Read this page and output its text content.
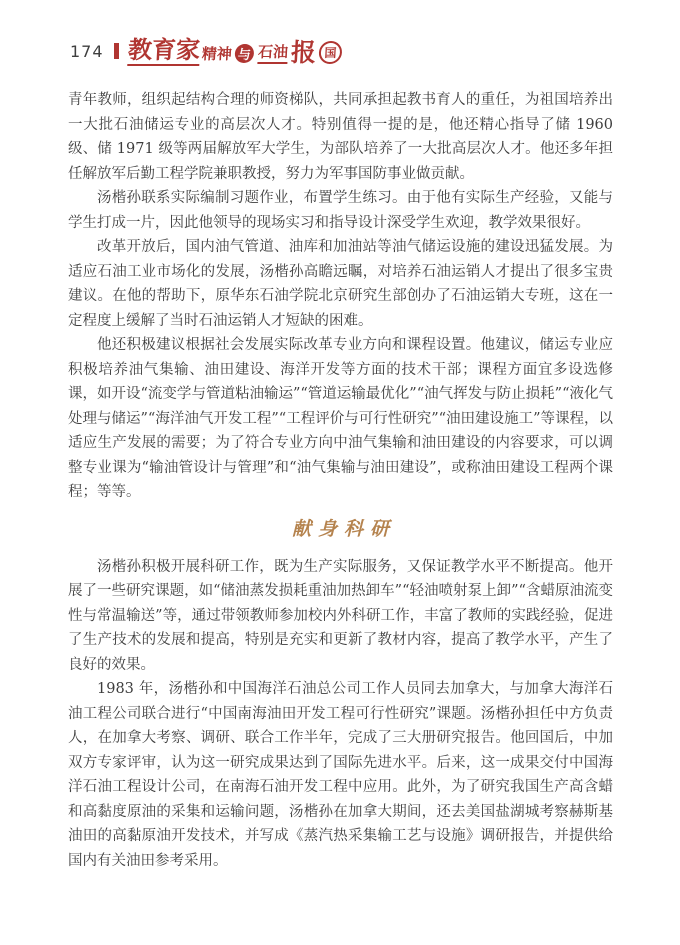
174 教育家 精神 与 石油 报 国

青年教师，组织起结构合理的师资梯队，共同承担起教书育人的重任，为祖国培养出一大批石油储运专业的高层次人才。特别值得一提的是，他还精心指导了储 1960 级、储 1971 级等两届解放军大学生，为部队培养了一大批高层次人才。他还多年担任解放军后勤工程学院兼职教授，努力为军事国防事业做贡献。

汤楷孙联系实际编制习题作业，布置学生练习。由于他有实际生产经验，又能与学生打成一片，因此他领导的现场实习和指导设计深受学生欢迎，教学效果很好。

改革开放后，国内油气管道、油库和加油站等油气储运设施的建设迅猛发展。为适应石油工业市场化的发展，汤楷孙高瞻远瞩，对培养石油运销人才提出了很多宝贵建议。在他的帮助下，原华东石油学院北京研究生部创办了石油运销大专班，这在一定程度上缓解了当时石油运销人才短缺的困难。

他还积极建议根据社会发展实际改革专业方向和课程设置。他建议，储运专业应积极培养油气集输、油田建设、海洋开发等方面的技术干部；课程方面宜多设选修课，如开设“流变学与管道粘油输运”“管道运输最优化”“油气挥发与防止损耗”“液化气处理与储运”“海洋油气开发工程”“工程评价与可行性研究”“油田建设施工”等课程，以适应生产发展的需要；为了符合专业方向中油气集输和油田建设的内容要求，可以调整专业课为“输油管设计与管理”和“油气集输与油田建设”，或称油田建设工程两个课程；等等。

献身科研

汤楷孙积极开展科研工作，既为生产实际服务，又保证教学水平不断提高。他开展了一些研究课题，如“储油蒸发损耗重油加热卸车”“轻油喷射泵上卸”“含蜡原油流变性与常温输送”等，通过带领教师参加校内外科研工作，丰富了教师的实践经验，促进了生产技术的发展和提高，特别是充实和更新了教材内容，提高了教学水平，产生了良好的效果。

1983 年，汤楷孙和中国海洋石油总公司工作人员同去加拿大，与加拿大海洋石油工程公司联合进行“中国南海油田开发工程可行性研究”课题。汤楷孙担任中方负责人，在加拿大考察、调研、联合工作半年，完成了三大册研究报告。他回国后，中加双方专家评审，认为这一研究成果达到了国际先进水平。后来，这一成果交付中国海洋石油工程设计公司，在南海石油开发工程中应用。此外，为了研究我国生产高含蜡和高黏度原油的采集和运输问题，汤楷孙在加拿大期间，还去美国盐湖城考察赫斯基油田的高黏原油开发技术，并写成《蒸汽热采集输工艺与设施》调研报告，并提供给国内有关油田参考采用。
